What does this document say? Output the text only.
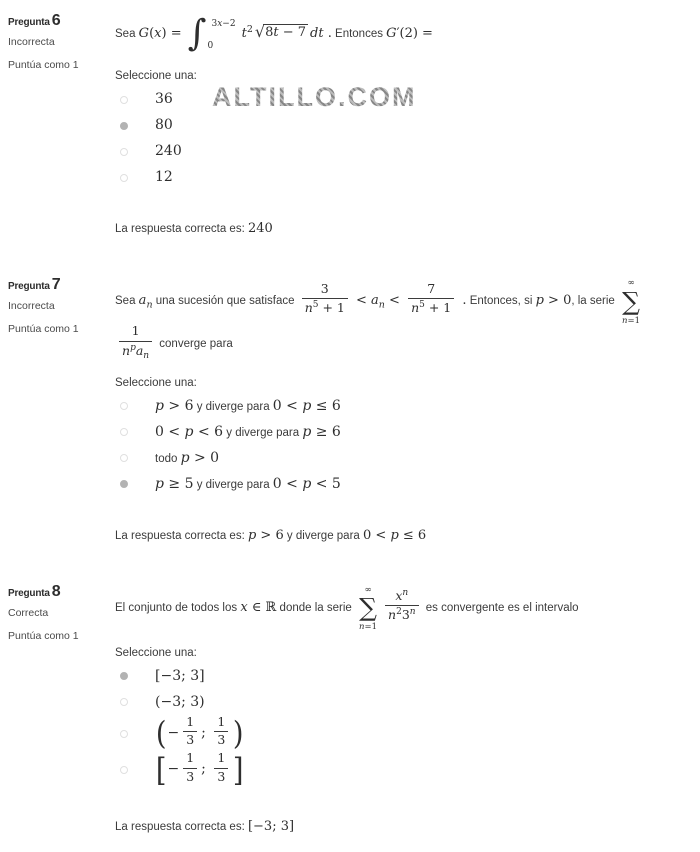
ALTILLO.COM
Pregunta 6
Incorrecta
Puntúa como 1
Sea G(x) = ∫ 3x−2
0
$t^2$ √ 8t − 7 dt . Entonces G′(2) =
Seleccione una:
36
80
240
12
La respuesta correcta es: 240
Pregunta 7
Incorrecta
Puntúa como 1
Sea $a_n$ una sucesión que satisface $\frac{3}{n^5 + 1} < a_n < \frac{7}{n^5 + 1}$ . Entonces, si p > 0, la serie
∞
∑
n=1
$\frac{1}{n^pa_n}$ converge para
Seleccione una:
p > 6 y diverge para 0 < p ≤ 6
0 < p < 6 y diverge para p ≥ 6
todo p > 0
p ≥ 5 y diverge para 0 < p < 5
La respuesta correcta es: p > 6 y diverge para 0 < p ≤ 6
Pregunta 8
Correcta
Puntúa como 1
El conjunto de todos los x ∈ ℝ donde la serie
∞
∑
n=1
$\frac{x^n}{n^23^n}$ es convergente es el intervalo
Seleccione una:
[−3; 3]
(−3; 3)
(− $\frac{1}{3}$ ; $\frac{1}{3}$ )
[− $\frac{1}{3}$ ; $\frac{1}{3}$ ]
La respuesta correcta es: [−3; 3]
